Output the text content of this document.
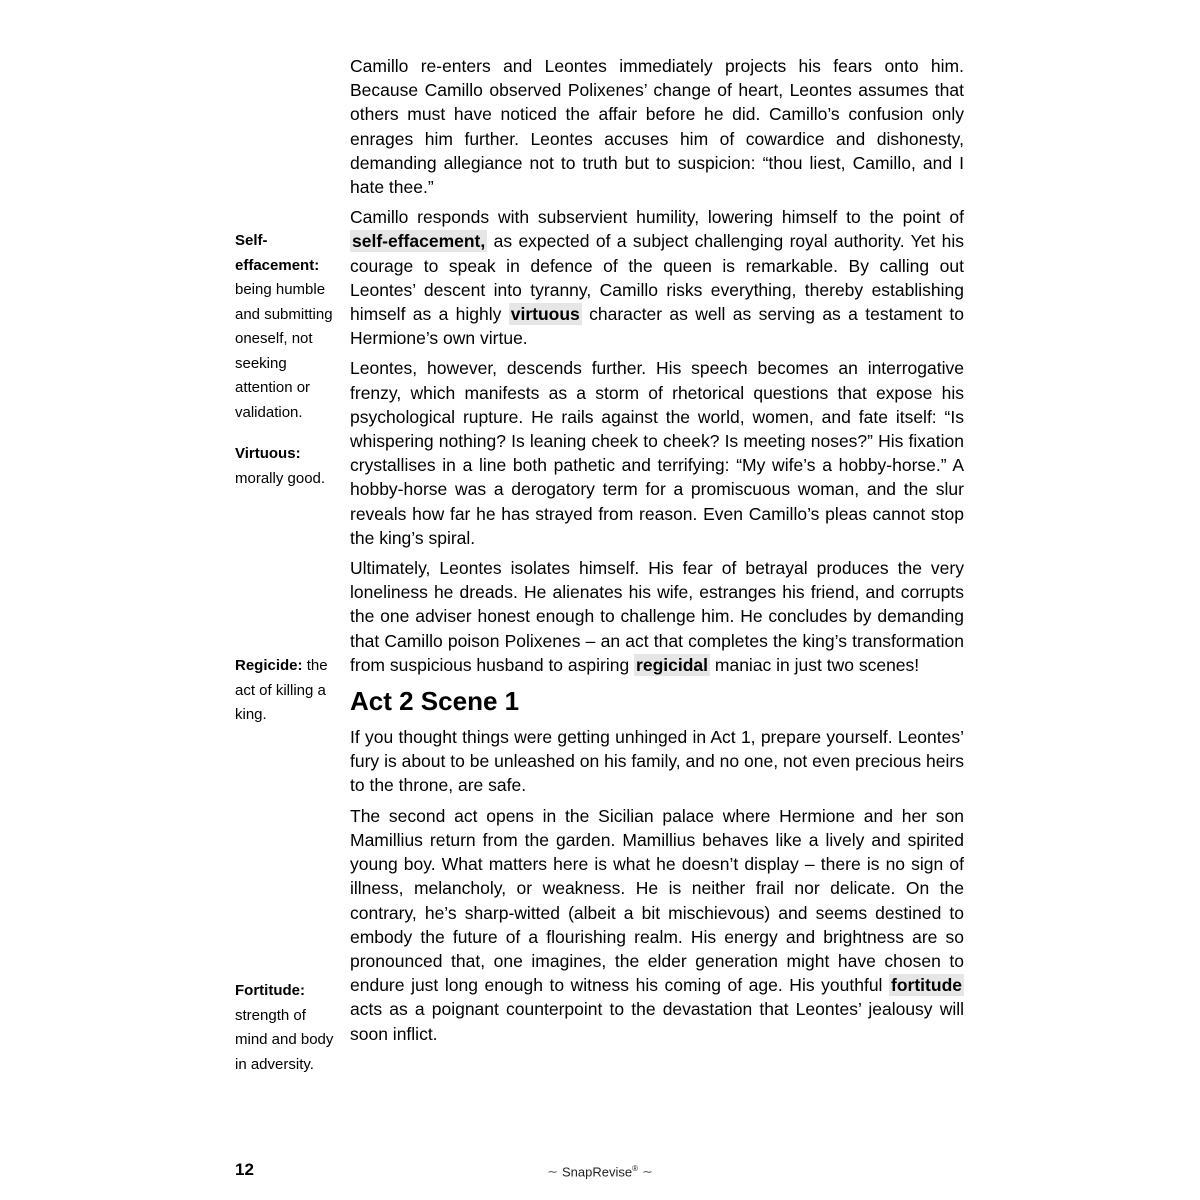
Self-effacement: being humble and submitting oneself, not seeking attention or validation.
Virtuous: morally good.
Regicide: the act of killing a king.
Fortitude: strength of mind and body in adversity.

Camillo re-enters and Leontes immediately projects his fears onto him. Because Camillo observed Polixenes’ change of heart, Leontes assumes that others must have noticed the affair before he did. Camillo’s confusion only enrages him further. Leontes accuses him of cowardice and dishonesty, demanding allegiance not to truth but to suspicion: “thou liest, Camillo, and I hate thee.”

Camillo responds with subservient humility, lowering himself to the point of self-effacement, as expected of a subject challenging royal authority. Yet his courage to speak in defence of the queen is remarkable. By calling out Leontes’ descent into tyranny, Camillo risks everything, thereby establishing himself as a highly virtuous character as well as serving as a testament to Hermione’s own virtue.

Leontes, however, descends further. His speech becomes an interrogative frenzy, which manifests as a storm of rhetorical questions that expose his psychological rupture. He rails against the world, women, and fate itself: “Is whispering nothing? Is leaning cheek to cheek? Is meeting noses?” His fixation crystallises in a line both pathetic and terrifying: “My wife’s a hobby-horse.” A hobby-horse was a derogatory term for a promiscuous woman, and the slur reveals how far he has strayed from reason. Even Camillo’s pleas cannot stop the king’s spiral.

Ultimately, Leontes isolates himself. His fear of betrayal produces the very loneliness he dreads. He alienates his wife, estranges his friend, and corrupts the one adviser honest enough to challenge him. He concludes by demanding that Camillo poison Polixenes – an act that completes the king’s transformation from suspicious husband to aspiring regicidal maniac in just two scenes!

Act 2 Scene 1

If you thought things were getting unhinged in Act 1, prepare yourself. Leontes’ fury is about to be unleashed on his family, and no one, not even precious heirs to the throne, are safe.

The second act opens in the Sicilian palace where Hermione and her son Mamillius return from the garden. Mamillius behaves like a lively and spirited young boy. What matters here is what he doesn’t display – there is no sign of illness, melancholy, or weakness. He is neither frail nor delicate. On the contrary, he’s sharp-witted (albeit a bit mischievous) and seems destined to embody the future of a flourishing realm. His energy and brightness are so pronounced that, one imagines, the elder generation might have chosen to endure just long enough to witness his coming of age. His youthful fortitude acts as a poignant counterpoint to the devastation that Leontes’ jealousy will soon inflict.

12	∼ SnapRevise® ∼
